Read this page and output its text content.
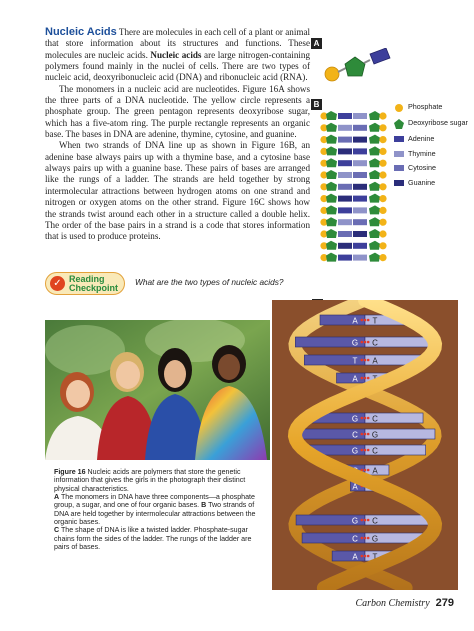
Nucleic Acids There are molecules in each cell of a plant or animal that store information about its structures and functions. These molecules are nucleic acids. Nucleic acids are large nitrogen-containing polymers found mainly in the nuclei of cells. There are two types of nucleic acid, deoxyribonucleic acid (DNA) and ribonucleic acid (RNA).

The monomers in a nucleic acid are nucleotides. Figure 16A shows the three parts of a DNA nucleotide. The yellow circle represents a phosphate group. The green pentagon represents deoxyribose sugar, which has a five-atom ring. The purple rectangle represents an organic base. The bases in DNA are adenine, thymine, cytosine, and guanine.

When two strands of DNA line up as shown in Figure 16B, an adenine base always pairs up with a thymine base, and a cytosine base always pairs up with a guanine base. These pairs of bases are arranged like the rungs of a ladder. The strands are held together by strong intermolecular attractions between hydrogen atoms on one strand and nitrogen or oxygen atoms on the other strand. Figure 16C shows how the strands twist around each other in a structure called a double helix. The order of the base pairs in a strand is a code that stores information that is used to produce proteins.

A
B	Phosphate
Deoxyribose sugar
Adenine
Thymine
Cytosine
Guanine
✓ Reading
Checkpoint
What are the two types of nucleic acids?
Figure 16 Nucleic acids are polymers that store the genetic information that gives the girls in the photograph their distinct physical characteristics.
A The monomers in DNA have three components—a phosphate group, a sugar, and one of four organic bases. B Two strands of DNA are held together by intermolecular attractions between the organic bases.
C The shape of DNA is like a twisted ladder. Phosphate-sugar chains form the sides of the ladder. The rungs of the ladder are pairs of bases.
A T
G C
T A
A T
G C
C G
G C
C A
A T
G C
C G
A T
Carbon Chemistry 279
